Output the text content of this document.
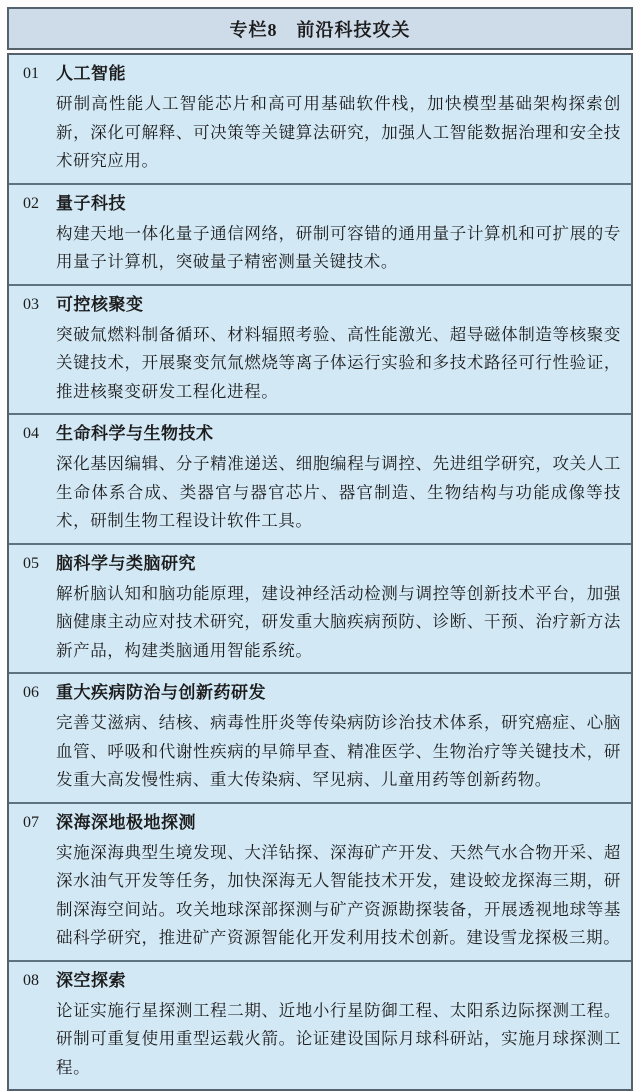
专栏8　前沿科技攻关
01	人工智能

研制高性能人工智能芯片和高可用基础软件栈，加快模型基础架构探索创新，深化可解释、可决策等关键算法研究，加强人工智能数据治理和安全技术研究应用。

02	量子科技

构建天地一体化量子通信网络，研制可容错的通用量子计算机和可扩展的专用量子计算机，突破量子精密测量关键技术。

03	可控核聚变

突破氚燃料制备循环、材料辐照考验、高性能激光、超导磁体制造等核聚变关键技术，开展聚变氘氚燃烧等离子体运行实验和多技术路径可行性验证，推进核聚变研发工程化进程。

04	生命科学与生物技术

深化基因编辑、分子精准递送、细胞编程与调控、先进组学研究，攻关人工生命体系合成、类器官与器官芯片、器官制造、生物结构与功能成像等技术，研制生物工程设计软件工具。

05	脑科学与类脑研究

解析脑认知和脑功能原理，建设神经活动检测与调控等创新技术平台，加强脑健康主动应对技术研究，研发重大脑疾病预防、诊断、干预、治疗新方法新产品，构建类脑通用智能系统。

06	重大疾病防治与创新药研发

完善艾滋病、结核、病毒性肝炎等传染病防诊治技术体系，研究癌症、心脑血管、呼吸和代谢性疾病的早筛早查、精准医学、生物治疗等关键技术，研发重大高发慢性病、重大传染病、罕见病、儿童用药等创新药物。

07	深海深地极地探测

实施深海典型生境发现、大洋钻探、深海矿产开发、天然气水合物开采、超深水油气开发等任务，加快深海无人智能技术开发，建设蛟龙探海三期，研制深海空间站。攻关地球深部探测与矿产资源勘探装备，开展透视地球等基础科学研究，推进矿产资源智能化开发利用技术创新。建设雪龙探极三期。

08	深空探索

论证实施行星探测工程二期、近地小行星防御工程、太阳系边际探测工程。研制可重复使用重型运载火箭。论证建设国际月球科研站，实施月球探测工程。
